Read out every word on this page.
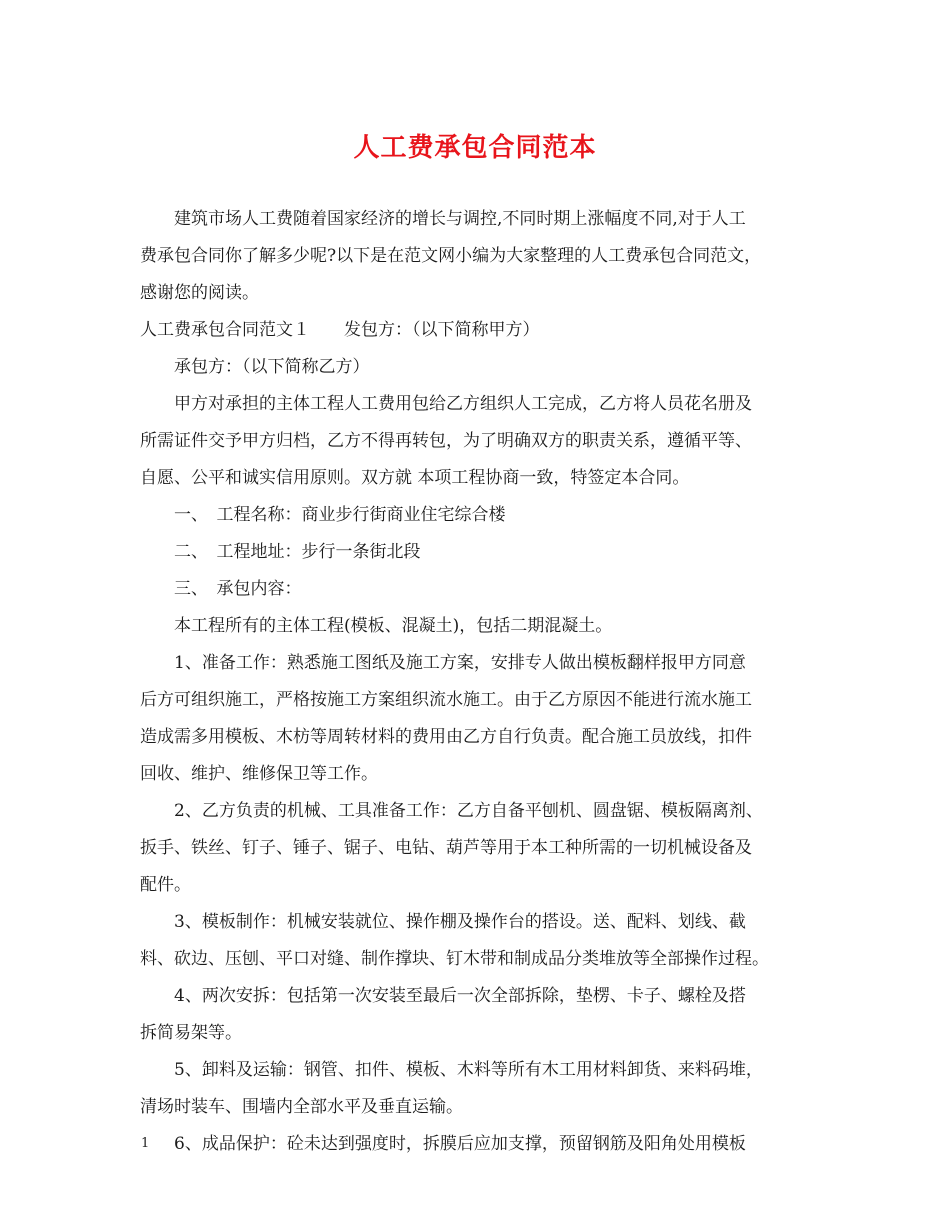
人工费承包合同范本
建筑市场人工费随着国家经济的增长与调控,不同时期上涨幅度不同,对于人工
费承包合同你了解多少呢?以下是在范文网小编为大家整理的人工费承包合同范文，
感谢您的阅读。
人工费承包合同范文１　　发包方：（以下简称甲方）
承包方：（以下简称乙方）
甲方对承担的主体工程人工费用包给乙方组织人工完成，乙方将人员花名册及
所需证件交予甲方归档，乙方不得再转包，为了明确双方的职责关系，遵循平等、
自愿、公平和诚实信用原则。双方就 本项工程协商一致，特签定本合同。
一、　工程名称：商业步行街商业住宅综合楼
二、　工程地址：步行一条街北段
三、　承包内容：
本工程所有的主体工程(模板、混凝土)，包括二期混凝土。
1、准备工作：熟悉施工图纸及施工方案，安排专人做出模板翻样报甲方同意
后方可组织施工，严格按施工方案组织流水施工。由于乙方原因不能进行流水施工
造成需多用模板、木枋等周转材料的费用由乙方自行负责。配合施工员放线，扣件
回收、维护、维修保卫等工作。
2、乙方负责的机械、工具准备工作：乙方自备平刨机、圆盘锯、模板隔离剂、
扳手、铁丝、钉子、锤子、锯子、电钻、葫芦等用于本工种所需的一切机械设备及
配件。
3、模板制作：机械安装就位、操作棚及操作台的搭设。送、配料、划线、截
料、砍边、压刨、平口对缝、制作撑块、钉木带和制成品分类堆放等全部操作过程。
4、两次安拆：包括第一次安装至最后一次全部拆除，垫楞、卡子、螺栓及搭
拆简易架等。
5、卸料及运输：钢管、扣件、模板、木料等所有木工用材料卸货、来料码堆，
清场时装车、围墙内全部水平及垂直运输。
6、成品保护：砼未达到强度时，拆膜后应加支撑，预留钢筋及阳角处用模板
1
